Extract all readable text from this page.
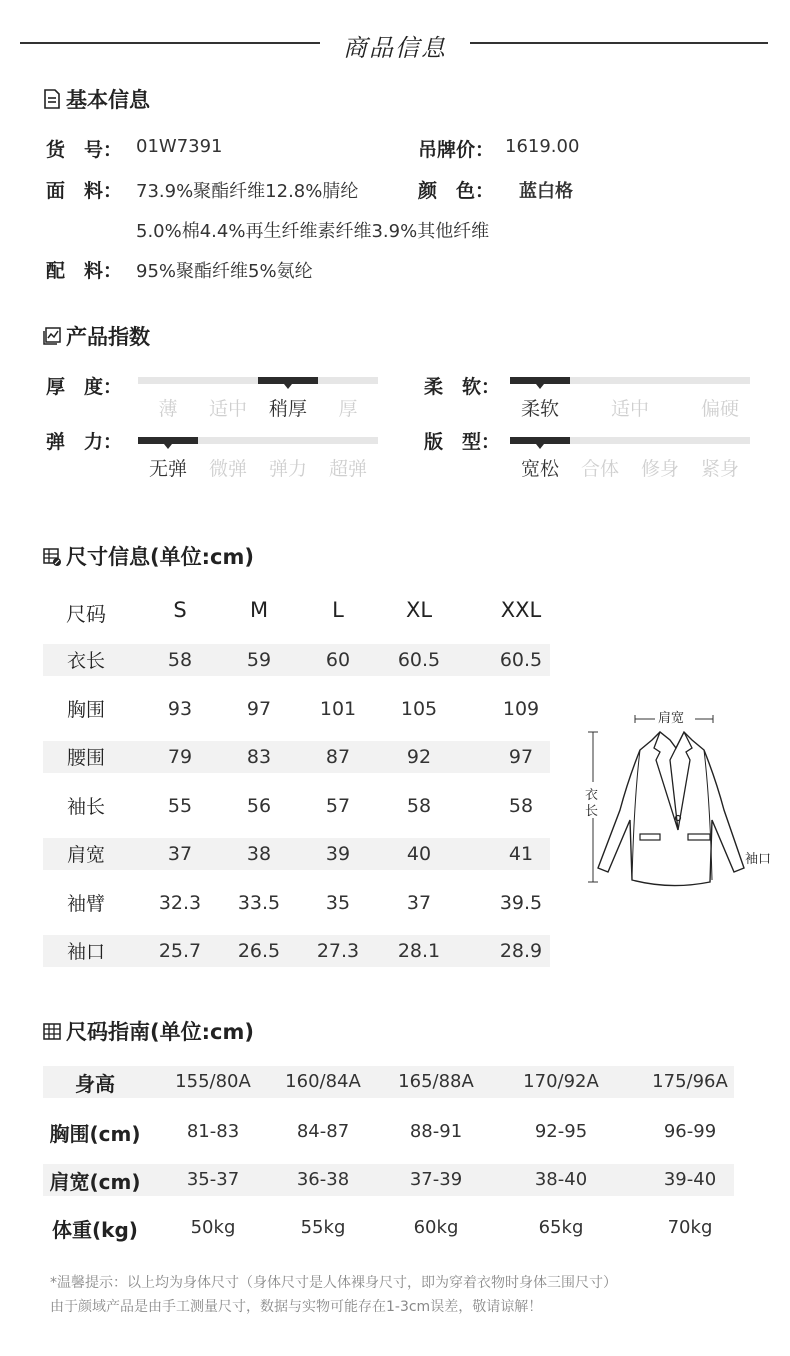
商品信息
基本信息
货　号： 01W7391	吊牌价： 1619.00
面　料： 73.9%聚酯纤维12.8%腈纶	颜　色： 蓝白格
5.0%棉4.4%再生纤维素纤维3.9%其他纤维
配　料： 95%聚酯纤维5%氨纶
产品指数
厚　度：
薄	适中	稍厚	厚
柔　软：
柔软	适中	偏硬
弹　力：
无弹	微弹	弹力	超弹
版　型：
宽松	合体	修身	紧身
尺寸信息(单位:cm)
尺码	S	M	L	XL	XXL
衣长	58	59	60	60.5	60.5
胸围	93	97	101	105	109
腰围	79	83	87	92	97
袖长	55	56	57	58	58
肩宽	37	38	39	40	41
袖臂	32.3	33.5	35	37	39.5
袖口	25.7	26.5	27.3	28.1	28.9
肩宽
衣长
袖口
尺码指南(单位:cm)
身高	155/80A	160/84A	165/88A	170/92A	175/96A
胸围(cm)	81-83	84-87	88-91	92-95	96-99
肩宽(cm)	35-37	36-38	37-39	38-40	39-40
体重(kg)	50kg	55kg	60kg	65kg	70kg
*温馨提示：以上均为身体尺寸（身体尺寸是人体裸身尺寸，即为穿着衣物时身体三围尺寸）
由于颜域产品是由手工测量尺寸，数据与实物可能存在1-3cm误差，敬请谅解！
